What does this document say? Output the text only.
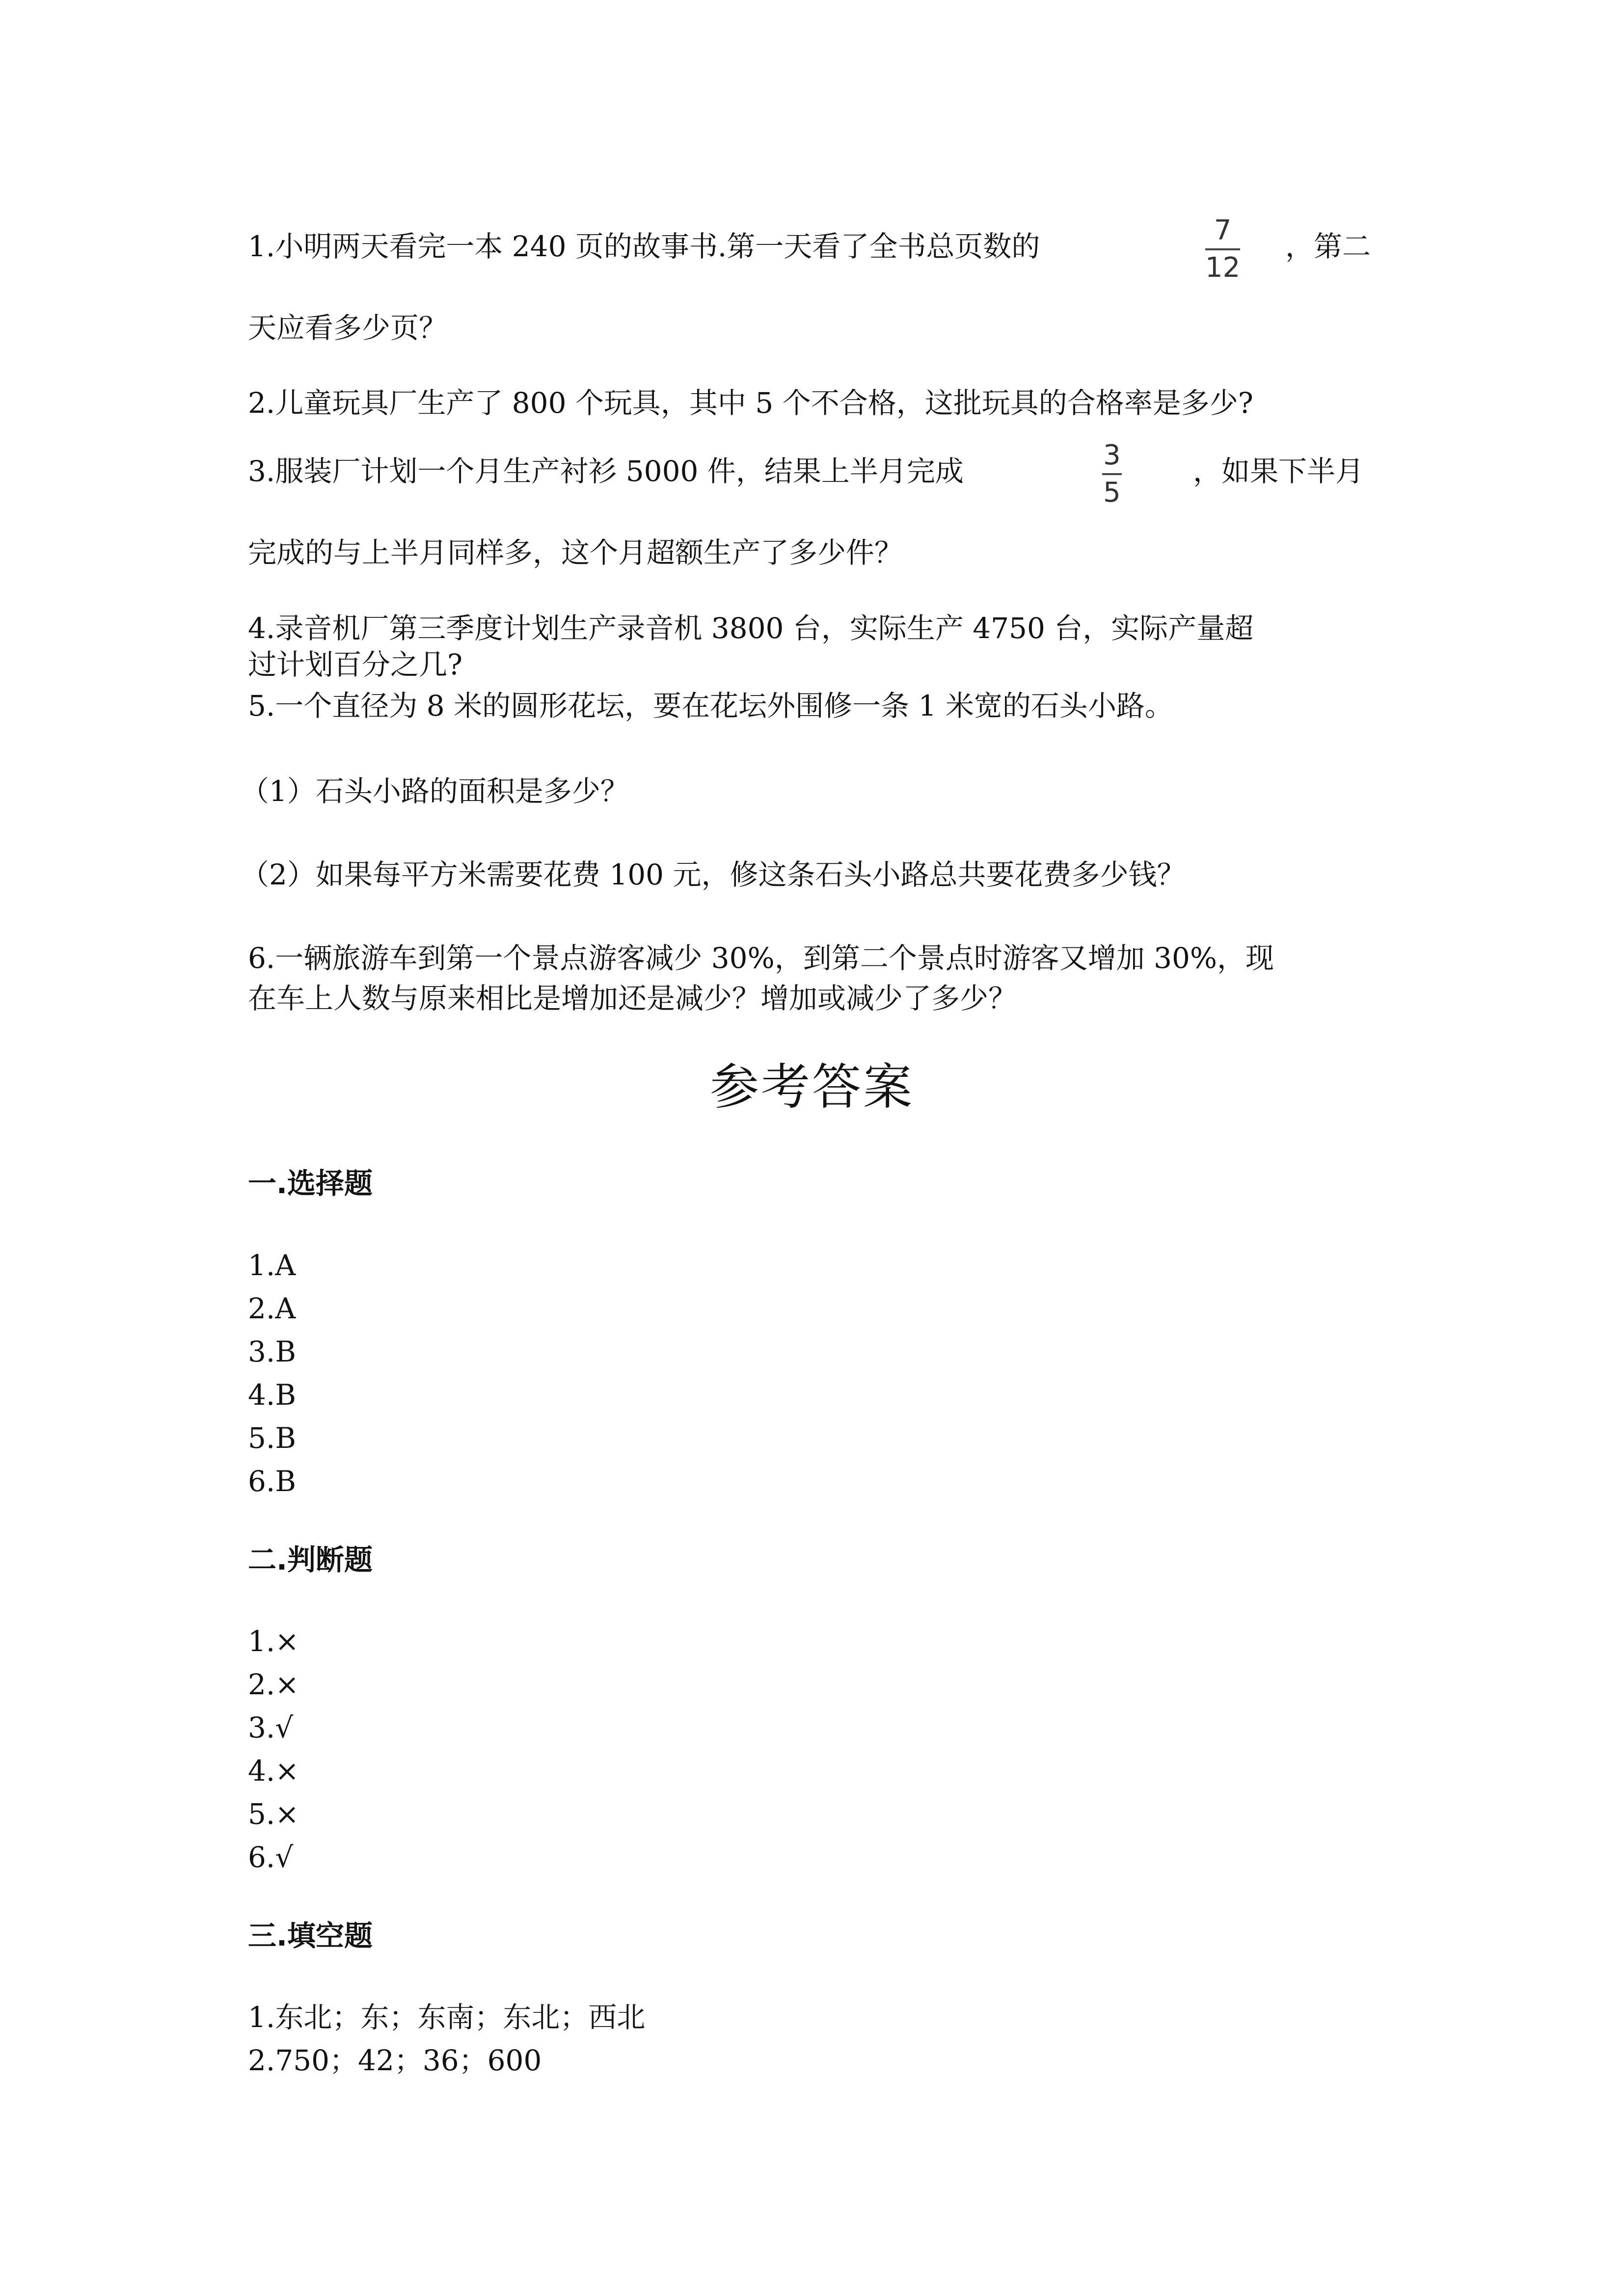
1.小明两天看完一本 240 页的故事书.第一天看了全书总页数的	7
12
，第二
天应看多少页？
2.儿童玩具厂生产了 800 个玩具，其中 5 个不合格，这批玩具的合格率是多少?
3.服装厂计划一个月生产衬衫 5000 件，结果上半月完成	3
5
，如果下半月
完成的与上半月同样多，这个月超额生产了多少件？
4.录音机厂第三季度计划生产录音机 3800 台，实际生产 4750 台，实际产量超
过计划百分之几?
5.一个直径为 8 米的圆形花坛，要在花坛外围修一条 1 米宽的石头小路。
（1）石头小路的面积是多少？
（2）如果每平方米需要花费 100 元，修这条石头小路总共要花费多少钱？
6.一辆旅游车到第一个景点游客减少 30%，到第二个景点时游客又增加 30%，现
在车上人数与原来相比是增加还是减少？增加或减少了多少？
参考答案
一.选择题
1.A
2.A
3.B
4.B
5.B
6.B
二.判断题
1.×
2.×
3.√
4.×
5.×
6.√
三.填空题
1.东北；东；东南；东北；西北
2.750；42；36；600
